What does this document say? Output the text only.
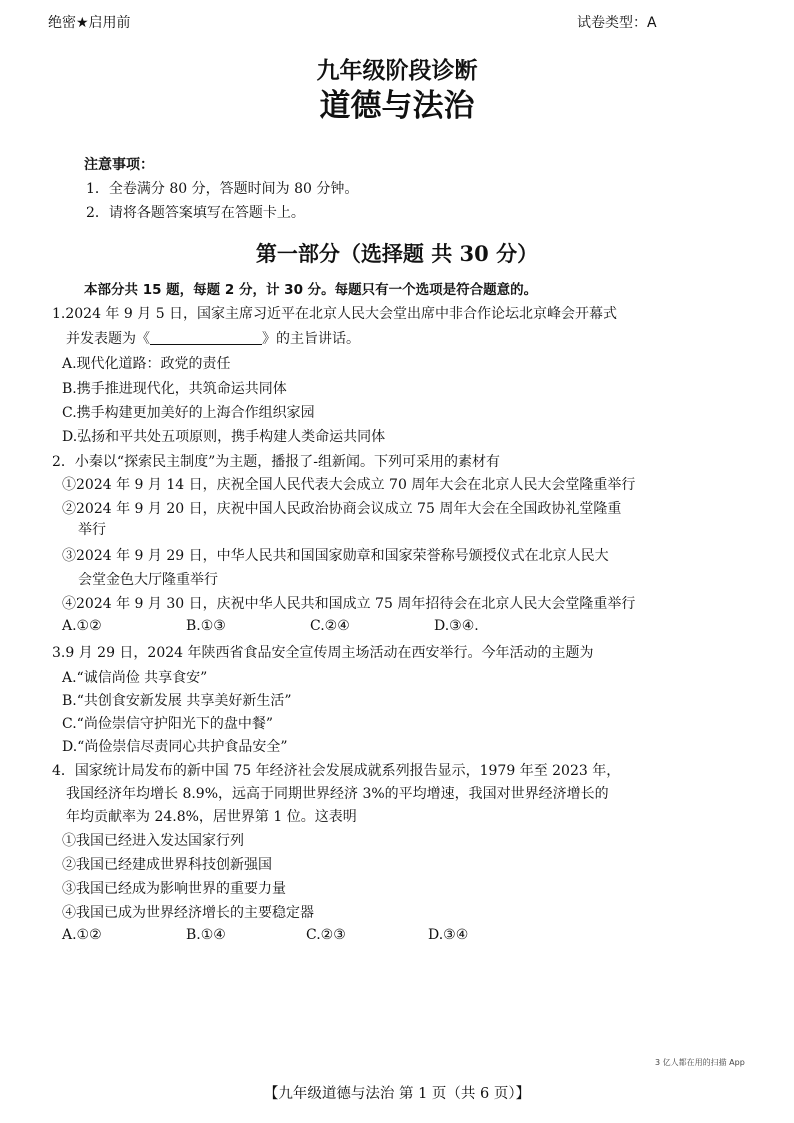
绝密★启用前	试卷类型：A
九年级阶段诊断
道德与法治
注意事项：
1．全卷满分 80 分，答题时间为 80 分钟。
2．请将各题答案填写在答题卡上。
第一部分（选择题 共 30 分）
本部分共 15 题，每题 2 分，计 30 分。每题只有一个选项是符合题意的。
1.2024 年 9 月 5 日，国家主席习近平在北京人民大会堂出席中非合作论坛北京峰会开幕式
并发表题为《	》的主旨讲话。
A.现代化道路：政党的责任
B.携手推进现代化，共筑命运共同体
C.携手构建更加美好的上海合作组织家园
D.弘扬和平共处五项原则，携手构建人类命运共同体
2．小秦以“探索民主制度”为主题，播报了-组新闻。下列可采用的素材有
①2024 年 9 月 14 日，庆祝全国人民代表大会成立 70 周年大会在北京人民大会堂隆重举行
②2024 年 9 月 20 日，庆祝中国人民政治协商会议成立 75 周年大会在全国政协礼堂隆重
举行
③2024 年 9 月 29 日，中华人民共和国国家勋章和国家荣誉称号颁授仪式在北京人民大
会堂金色大厅隆重举行
④2024 年 9 月 30 日，庆祝中华人民共和国成立 75 周年招待会在北京人民大会堂隆重举行
A.①②	B.①③	C.②④	D.③④.
3.9 月 29 日，2024 年陕西省食品安全宣传周主场活动在西安举行。今年活动的主题为
A.“诚信尚俭 共享食安”
B.“共创食安新发展 共享美好新生活”
C.“尚俭崇信守护阳光下的盘中餐”
D.“尚俭崇信尽责同心共护食品安全”
4．国家统计局发布的新中国 75 年经济社会发展成就系列报告显示，1979 年至 2023 年，
我国经济年均增长 8.9%，远高于同期世界经济 3%的平均增速，我国对世界经济增长的
年均贡献率为 24.8%，居世界第 1 位。这表明
①我国已经进入发达国家行列
②我国已经建成世界科技创新强国
③我国已经成为影响世界的重要力量
④我国已成为世界经济增长的主要稳定器
A.①②	B.①④	C.②③	D.③④
3 亿人都在用的扫描 App
【九年级道德与法治 第 1 页（共 6 页）】
